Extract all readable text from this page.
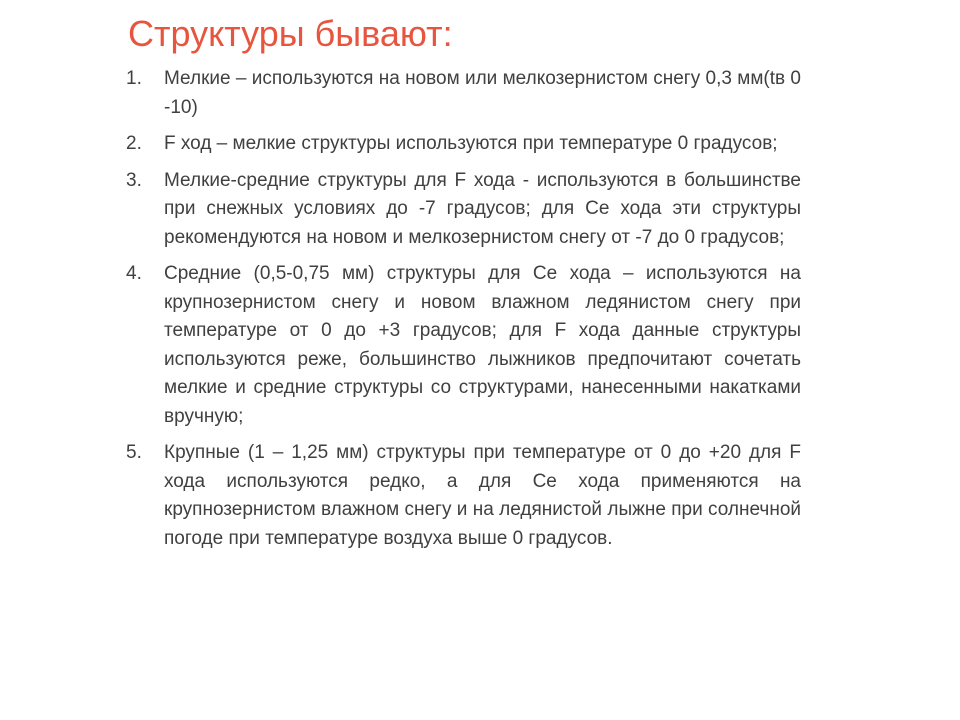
Структуры бывают:
1.	Мелкие – используются на новом или мелкозернистом снегу 0,3 мм(tв 0 -10)
2.	F ход – мелкие структуры используются при температуре 0 градусов;
3.	Мелкие-средние структуры для F хода - используются в большинстве при снежных условиях до -7 градусов; для Се хода эти структуры рекомендуются на новом и мелкозернистом снегу от -7 до 0 градусов;
4.	Средние (0,5-0,75 мм) структуры для Се хода – используются на крупнозернистом снегу и новом влажном ледянистом снегу при температуре от 0 до +3 градусов; для F хода данные структуры используются реже, большинство лыжников предпочитают сочетать мелкие и средние структуры со структурами, нанесенными накатками вручную;
5.	Крупные (1 – 1,25 мм) структуры при температуре от 0 до +20 для F хода используются редко, а для Се хода применяются на крупнозернистом влажном снегу и на ледянистой лыжне при солнечной погоде при температуре воздуха выше 0 градусов.
